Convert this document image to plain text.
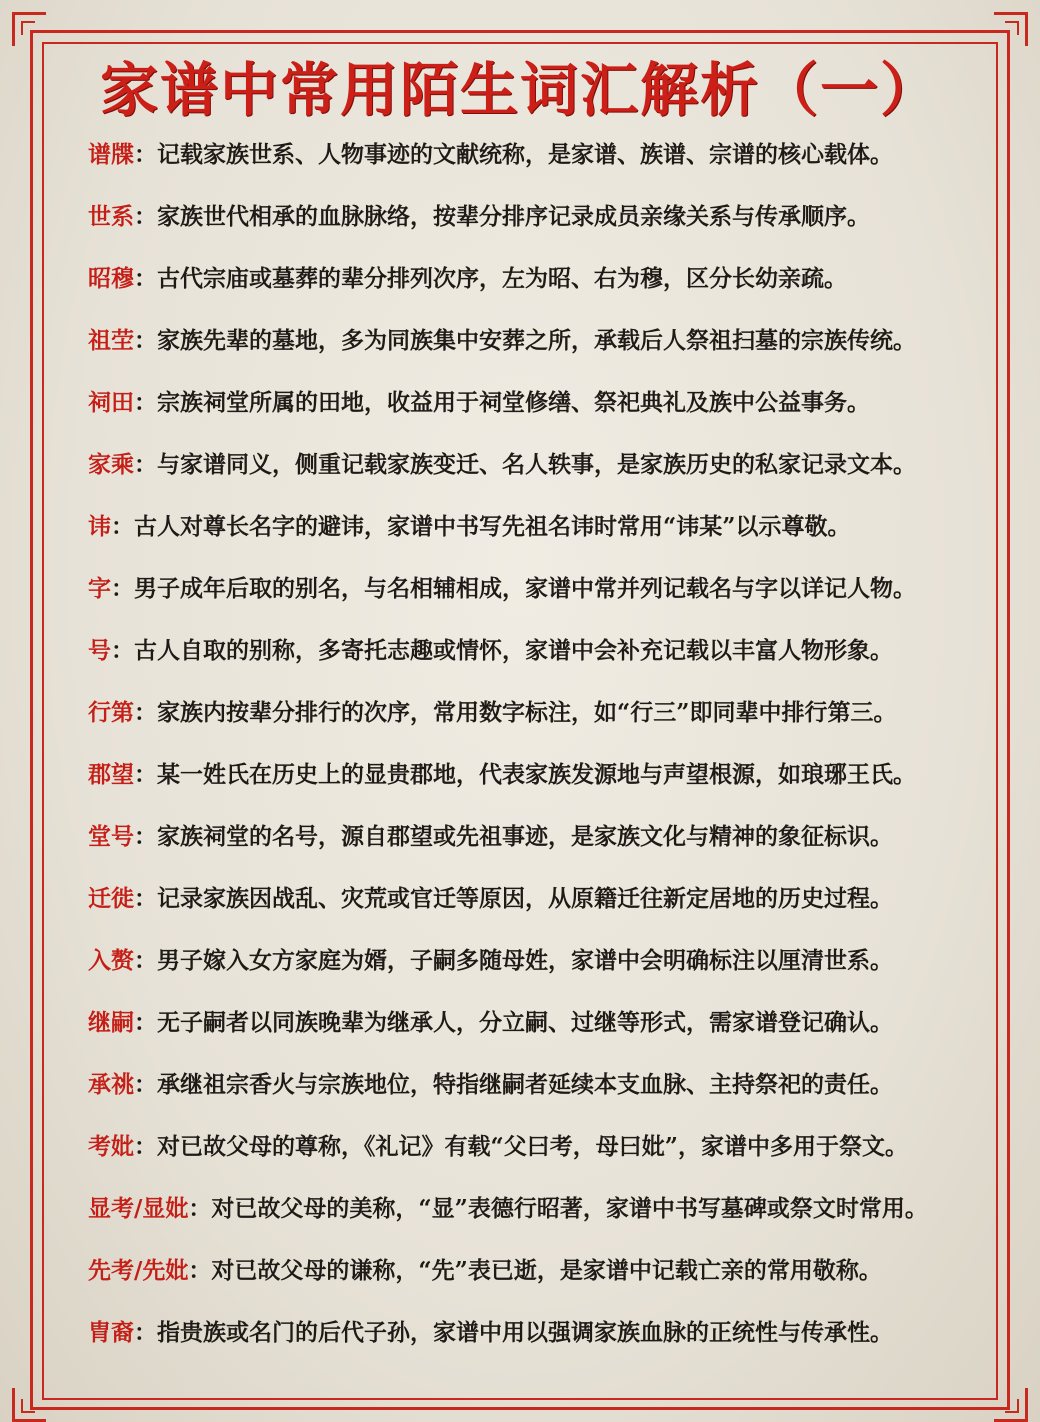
家谱中常用陌生词汇解析（一）
谱牒：记载家族世系、人物事迹的文献统称，是家谱、族谱、宗谱的核心载体。
世系：家族世代相承的血脉脉络，按辈分排序记录成员亲缘关系与传承顺序。
昭穆：古代宗庙或墓葬的辈分排列次序，左为昭、右为穆，区分长幼亲疏。
祖茔：家族先辈的墓地，多为同族集中安葬之所，承载后人祭祖扫墓的宗族传统。
祠田：宗族祠堂所属的田地，收益用于祠堂修缮、祭祀典礼及族中公益事务。
家乘：与家谱同义，侧重记载家族变迁、名人轶事，是家族历史的私家记录文本。
讳：古人对尊长名字的避讳，家谱中书写先祖名讳时常用“讳某”以示尊敬。
字：男子成年后取的别名，与名相辅相成，家谱中常并列记载名与字以详记人物。
号：古人自取的别称，多寄托志趣或情怀，家谱中会补充记载以丰富人物形象。
行第：家族内按辈分排行的次序，常用数字标注，如“行三”即同辈中排行第三。
郡望：某一姓氏在历史上的显贵郡地，代表家族发源地与声望根源，如琅琊王氏。
堂号：家族祠堂的名号，源自郡望或先祖事迹，是家族文化与精神的象征标识。
迁徙：记录家族因战乱、灾荒或官迁等原因，从原籍迁往新定居地的历史过程。
入赘：男子嫁入女方家庭为婿，子嗣多随母姓，家谱中会明确标注以厘清世系。
继嗣：无子嗣者以同族晚辈为继承人，分立嗣、过继等形式，需家谱登记确认。
承祧：承继祖宗香火与宗族地位，特指继嗣者延续本支血脉、主持祭祀的责任。
考妣：对已故父母的尊称，《礼记》有载“父曰考，母曰妣”，家谱中多用于祭文。
显考/显妣：对已故父母的美称，“显”表德行昭著，家谱中书写墓碑或祭文时常用。
先考/先妣：对已故父母的谦称，“先”表已逝，是家谱中记载亡亲的常用敬称。
胄裔：指贵族或名门的后代子孙，家谱中用以强调家族血脉的正统性与传承性。
